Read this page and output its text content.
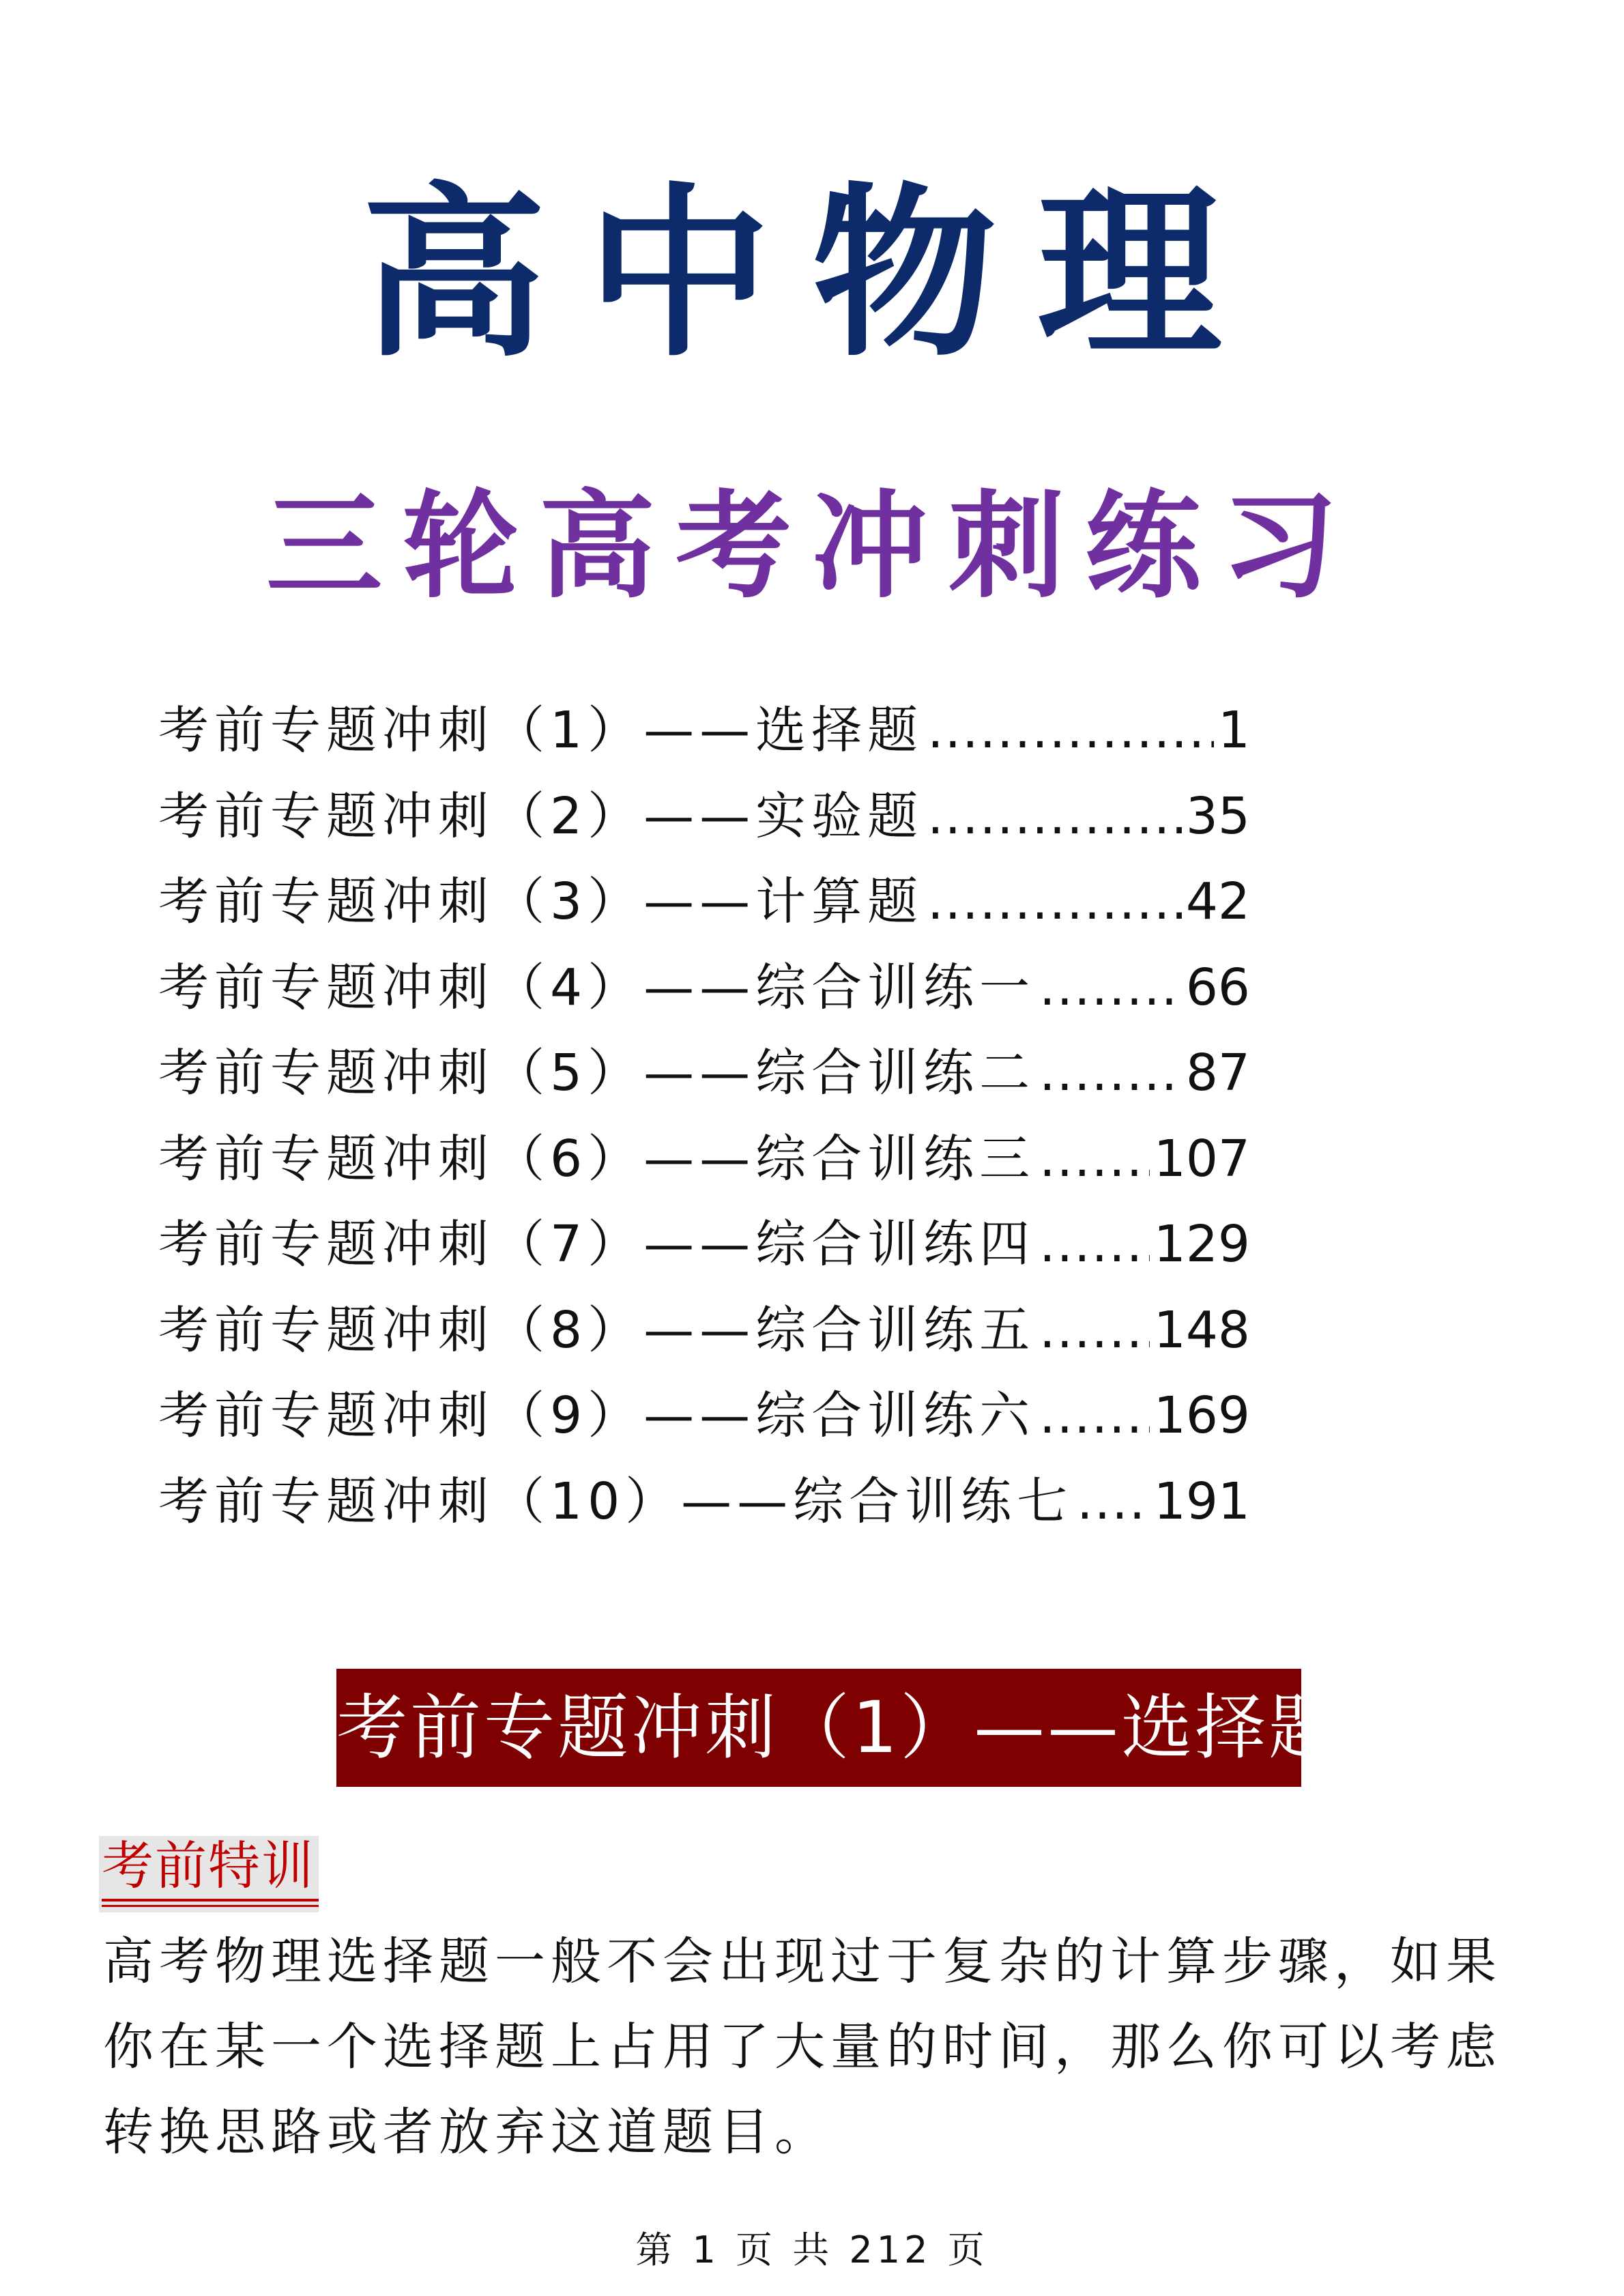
高中物理
三轮高考冲刺练习
考前专题冲刺（1）——选择题 .....	1
考前专题冲刺（2）——实验题 .....	35
考前专题冲刺（3）——计算题 .....	42
考前专题冲刺（4）——综合训练一 .....	66
考前专题冲刺（5）——综合训练二 .....	87
考前专题冲刺（6）——综合训练三 ..... 107
考前专题冲刺（7）——综合训练四 ..... 129
考前专题冲刺（8）——综合训练五 ..... 148
考前专题冲刺（9）——综合训练六 ..... 169
考前专题冲刺（10）——综合训练七 ..... 191
考前专题冲刺（1）——选择题
考前特训
高考物理选择题一般不会出现过于复杂的计算步骤，如果你在某一个选择题上占用了大量的时间，那么你可以考虑转换思路或者放弃这道题目。
第 1 页 共 212 页
